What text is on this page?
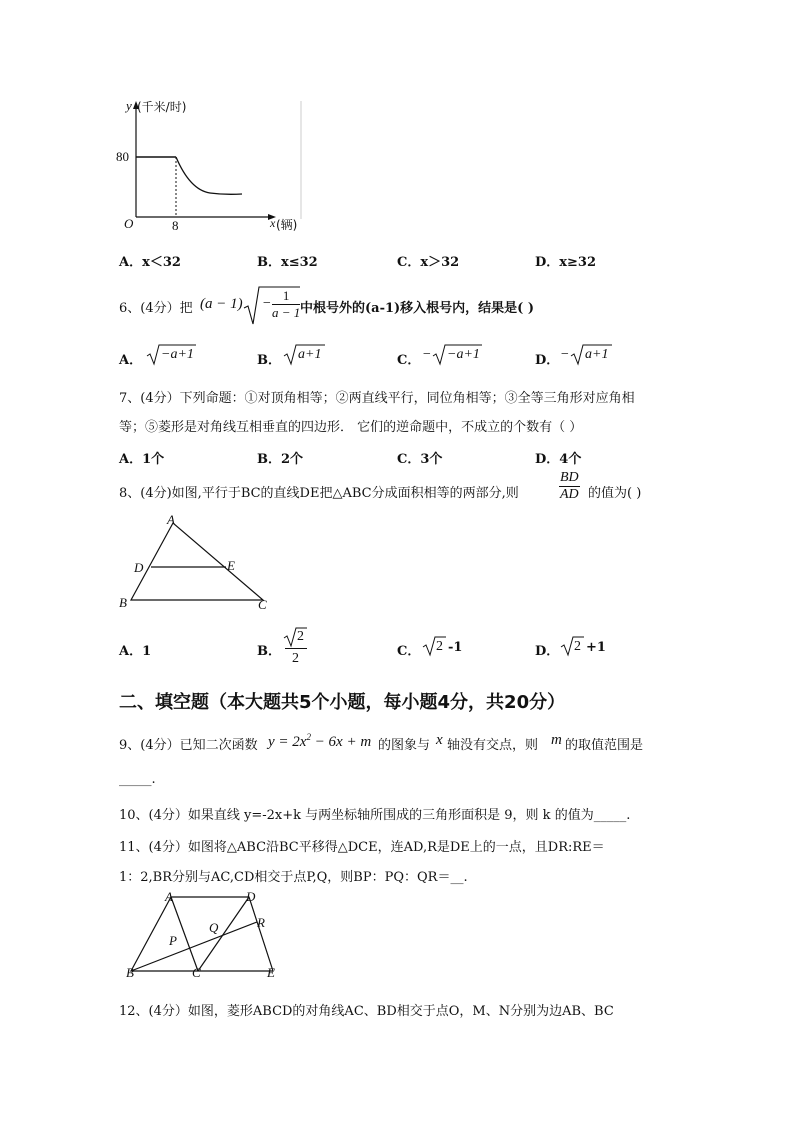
y (千米/时)
80
O	8	x (辆)
A．x＜32	B．x≤32	C．x＞32	D．x≥32
6、(4分）把 $(a - 1) - \frac{1}{a - 1}$ 中根号外的(a-1)移入根号内，结果是( )
A． −a+1	B． a+1	C． − −a+1	D． − a+1
7、(4分）下列命题：①对顶角相等；②两直线平行，同位角相等；③全等三角形对应角相
等；⑤菱形是对角线互相垂直的四边形． 它们的逆命题中，不成立的个数有（ ）
A．1个	B．2个	C．3个	D．4个
8、(4分)如图,平行于BC的直线DE把△ABC分成面积相等的两部分,则	$\frac{BD}{AD}$ 的值为( )
A
D	E
B	C
A．1	B．
2
2	C． 2 -1	D． 2 +1
二、填空题（本大题共5个小题，每小题4分，共20分）
9、(4分）已知二次函数 $y = 2x^2 - 6x + m$ 的图象与 x 轴没有交点，则 m 的取值范围是
_____.
10、(4分）如果直线 y=-2x+k 与两坐标轴所围成的三角形面积是 9，则 k 的值为_____.
11、(4分）如图将△ABC沿BC平移得△DCE，连AD,R是DE上的一点，且DR:RE＝
1：2,BR分别与AC,CD相交于点P,Q，则BP：PQ：QR＝__.
A	D
R
Q
P
B	C	E
12、(4分）如图，菱形ABCD的对角线AC、BD相交于点O，M、N分别为边AB、BC
